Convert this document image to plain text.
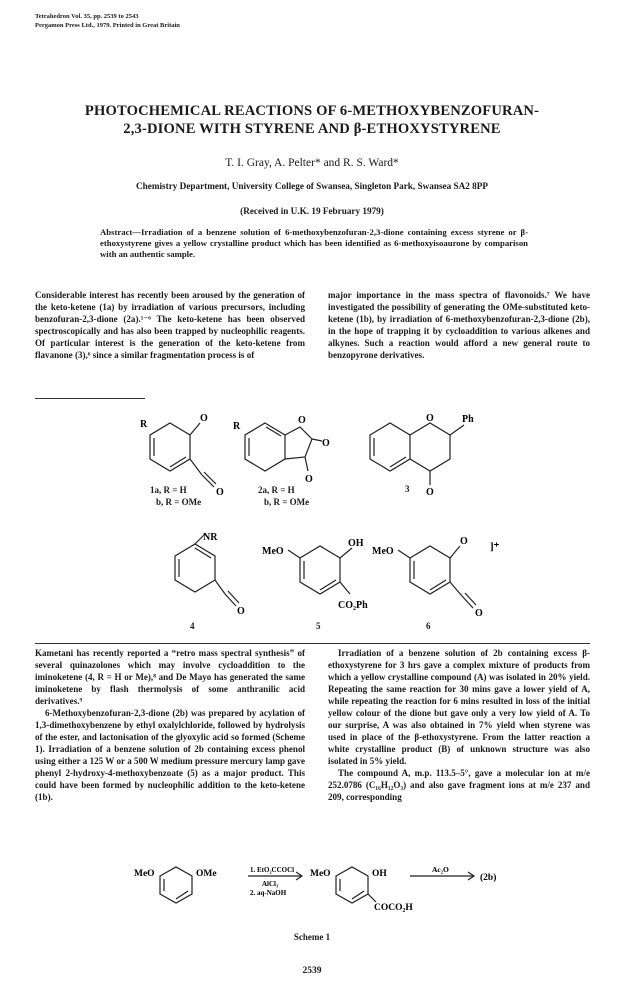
Tetrahedron Vol. 35, pp. 2539 to 2543
Pergamon Press Ltd., 1979. Printed in Great Britain
PHOTOCHEMICAL REACTIONS OF 6-METHOXYBENZOFURAN-
2,3-DIONE WITH STYRENE AND β-ETHOXYSTYRENE
T. I. Gray, A. Pelter* and R. S. Ward*
Chemistry Department, University College of Swansea, Singleton Park, Swansea SA2 8PP
(Received in U.K. 19 February 1979)
Abstract—Irradiation of a benzene solution of 6-methoxybenzofuran-2,3-dione containing excess styrene or β-ethoxystyrene gives a yellow crystalline product which has been identified as 6-methoxyisoaurone by comparison with an authentic sample.

Considerable interest has recently been aroused by the generation of the keto-ketene (1a) by irradiation of various precursors, including benzofuran-2,3-dione (2a).¹⁻⁶ The keto-ketene has been observed spectroscopically and has also been trapped by nucleophilic reagents. Of particular interest is the generation of the keto-ketene from flavanone (3),⁶ since a similar fragmentation process is of

major importance in the mass spectra of flavonoids.⁷ We have investigated the possibility of generating the OMe-substituted keto-ketene (1b), by irradiation of 6-methoxybenzofuran-2,3-dione (2b), in the hope of trapping it by cycloaddition to various alkenes and alkynes. Such a reaction would afford a new general route to benzopyrone derivatives.

R
O
O
R
O
O
O
O
O
Ph
1a, R = H
b, R = OMe
2a, R = H
b, R = OMe
3
NR
O
MeO
OH
CO₂Ph
MeO
O
O
]⁺
4	5	6

Kametani has recently reported a “retro mass spectral synthesis” of several quinazolones which may involve cycloaddition to the iminoketene (4, R = H or Me),⁸ and De Mayo has generated the same iminoketene by flash thermolysis of some anthranilic acid derivatives.⁹

6-Methoxybenzofuran-2,3-dione (2b) was prepared by acylation of 1,3-dimethoxybenzene by ethyl oxalylchloride, followed by hydrolysis of the ester, and lactonisation of the glyoxylic acid so formed (Scheme 1). Irradiation of a benzene solution of 2b containing excess phenol using either a 125 W or a 500 W medium pressure mercury lamp gave phenyl 2-hydroxy-4-methoxybenzoate (5) as a major product. This could have been formed by nucleophilic addition to the keto-ketene (1b).

Irradiation of a benzene solution of 2b containing excess β-ethoxystyrene for 3 hrs gave a complex mixture of products from which a yellow crystalline compound (A) was isolated in 20% yield. Repeating the same reaction for 30 mins gave a lower yield of A, while repeating the reaction for 6 mins resulted in loss of the initial yellow colour of the dione but gave only a very low yield of A. To our surprise, A was also obtained in 7% yield when styrene was used in place of the β-ethoxystyrene. From the latter reaction a white crystalline product (B) of unknown structure was also isolated in 5% yield.

The compound A, m.p. 113.5–5°, gave a molecular ion at m/e 252.0786 (C₁₆H₁₂O₃) and also gave fragment ions at m/e 237 and 209, corresponding

MeO	OMe	1. EtO₂CCOCl
AlCl₃
2. aq-NaOH
MeO	OH
COCO₂H
Ac₂O
(2b)
Scheme 1
2539
